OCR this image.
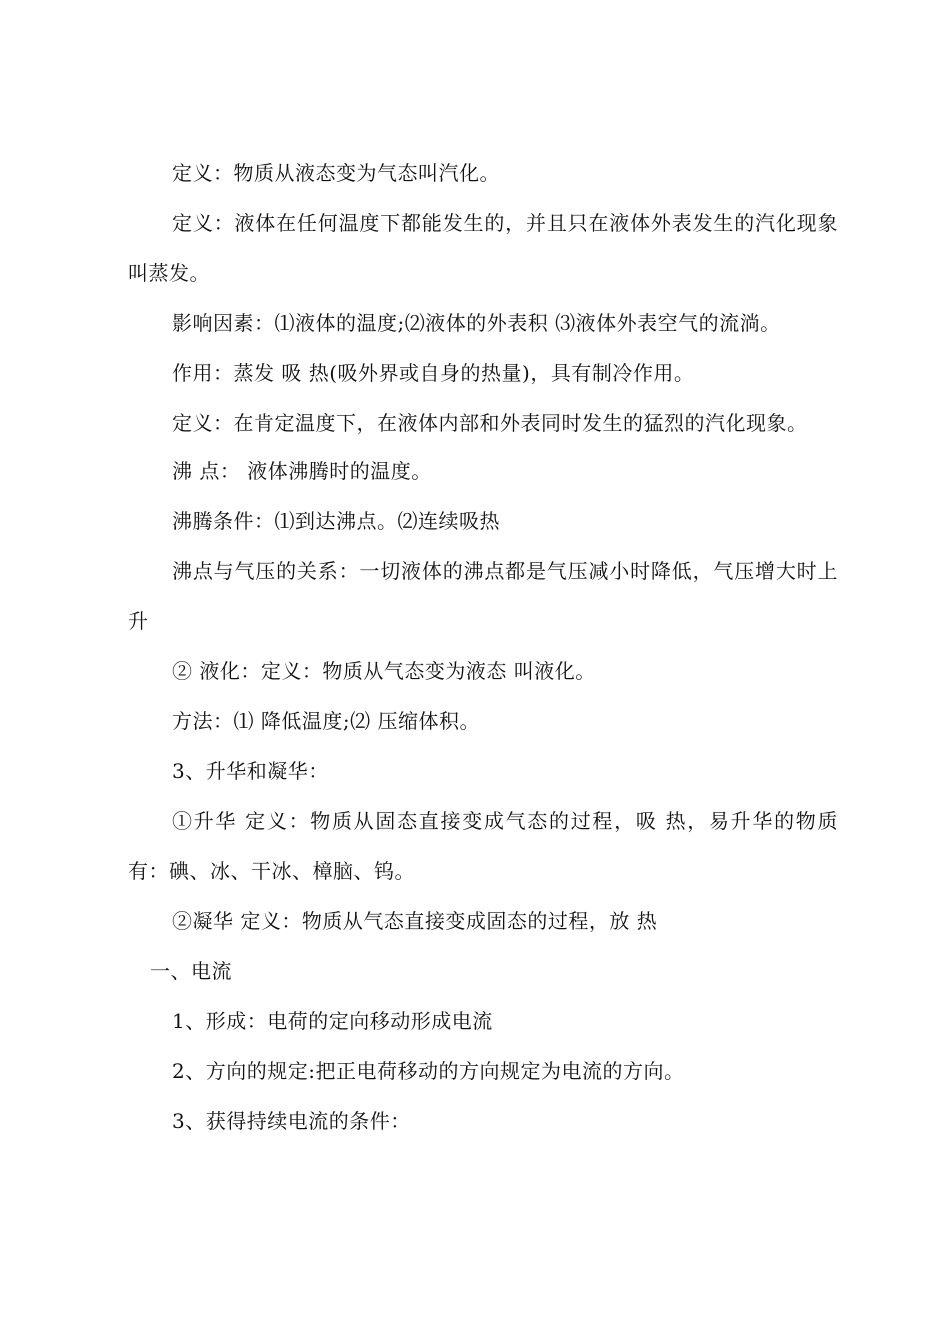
定义：物质从液态变为气态叫汽化。

定义：液体在任何温度下都能发生的，并且只在液体外表发生的汽化现象 叫蒸发。

影响因素：⑴液体的温度;⑵液体的外表积 ⑶液体外表空气的流淌。

作用：蒸发 吸 热(吸外界或自身的热量)，具有制冷作用。

定义：在肯定温度下，在液体内部和外表同时发生的猛烈的汽化现象。

沸 点： 液体沸腾时的温度。

沸腾条件：⑴到达沸点。⑵连续吸热

沸点与气压的关系：一切液体的沸点都是气压减小时降低，气压增大时上升

② 液化：定义：物质从气态变为液态 叫液化。

方法：⑴ 降低温度;⑵ 压缩体积。

3、升华和凝华：

①升华 定义：物质从固态直接变成气态的过程，吸 热，易升华的物质有：碘、冰、干冰、樟脑、钨。

②凝华 定义：物质从气态直接变成固态的过程，放 热

一、电流

1、形成：电荷的定向移动形成电流

2、方向的规定:把正电荷移动的方向规定为电流的方向。

3、获得持续电流的条件：
